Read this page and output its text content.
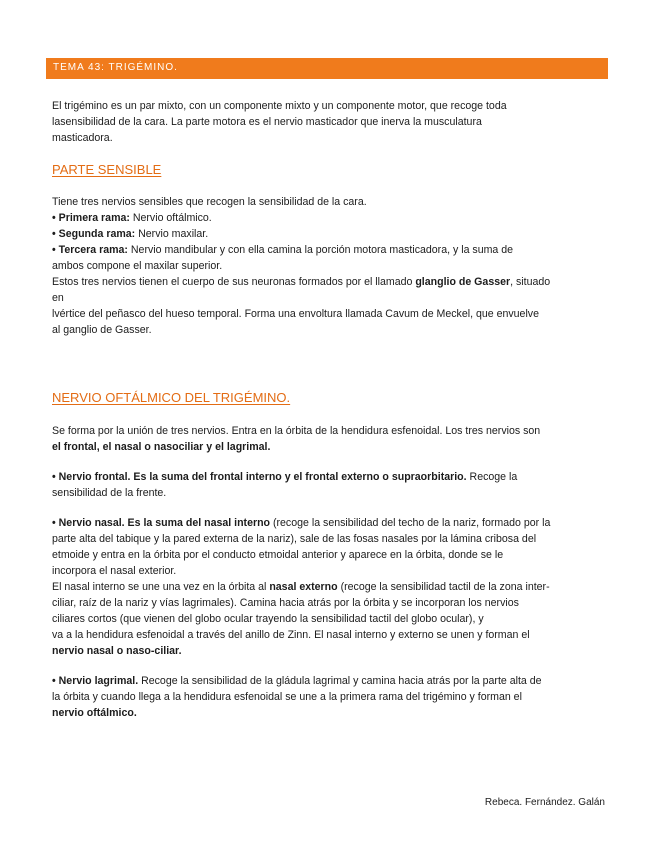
TEMA 43: TRIGÉMINO.

El trigémino es un par mixto, con un componente mixto y un componente motor, que recoge toda

lasensibilidad de la cara. La parte motora es el nervio masticador que inerva la musculatura

masticadora.

PARTE SENSIBLE

Tiene tres nervios sensibles que recogen la sensibilidad de la cara.

• Primera rama: Nervio oftálmico.

• Segunda rama: Nervio maxilar.

• Tercera rama: Nervio mandibular y con ella camina la porción motora masticadora, y la suma de

ambos compone el maxilar superior.

Estos tres nervios tienen el cuerpo de sus neuronas formados por el llamado glanglio de Gasser, situado

en

lvértice del peñasco del hueso temporal. Forma una envoltura llamada Cavum de Meckel, que envuelve

al ganglio de Gasser.

NERVIO OFTÁLMICO DEL TRIGÉMINO.

Se forma por la unión de tres nervios. Entra en la órbita de la hendidura esfenoidal. Los tres nervios son

el frontal, el nasal o nasociliar y el lagrimal.

• Nervio frontal. Es la suma del frontal interno y el frontal externo o supraorbitario. Recoge la

sensibilidad de la frente.

• Nervio nasal. Es la suma del nasal interno (recoge la sensibilidad del techo de la nariz, formado por la

parte alta del tabique y la pared externa de la nariz), sale de las fosas nasales por la lámina cribosa del

etmoide y entra en la órbita por el conducto etmoidal anterior y aparece en la órbita, donde se le

incorpora el nasal exterior.

El nasal interno se une una vez en la órbita al nasal externo (recoge la sensibilidad tactil de la zona inter-

ciliar, raíz de la nariz y vías lagrimales). Camina hacia atrás por la órbita y se incorporan los nervios

ciliares cortos (que vienen del globo ocular trayendo la sensibilidad tactil del globo ocular), y

va a la hendidura esfenoidal a través del anillo de Zinn. El nasal interno y externo se unen y forman el

nervio nasal o naso-ciliar.

• Nervio lagrimal. Recoge la sensibilidad de la gládula lagrimal y camina hacia atrás por la parte alta de

la órbita y cuando llega a la hendidura esfenoidal se une a la primera rama del trigémino y forman el

nervio oftálmico.

Rebeca. Fernández. Galán
